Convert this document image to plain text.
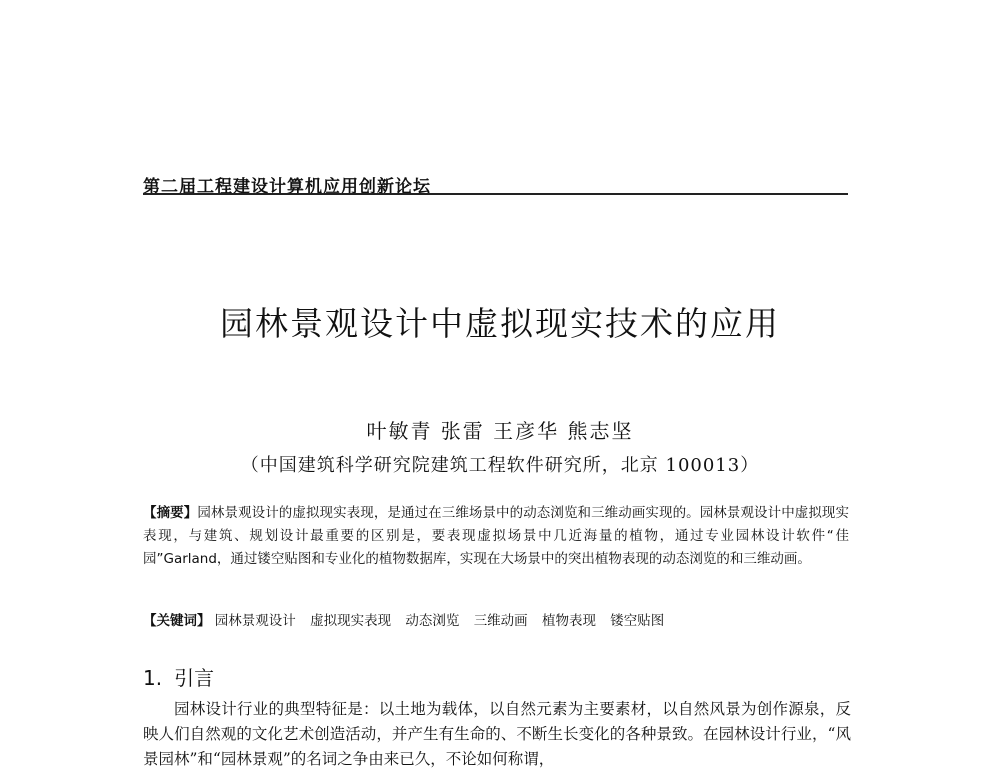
第二届工程建设计算机应用创新论坛
园林景观设计中虚拟现实技术的应用
叶敏青 张雷 王彦华 熊志坚
（中国建筑科学研究院建筑工程软件研究所，北京 100013）
【摘要】园林景观设计的虚拟现实表现，是通过在三维场景中的动态浏览和三维动画实现的。园林景观设计中虚拟现实表现，与建筑、规划设计最重要的区别是，要表现虚拟场景中几近海量的植物，通过专业园林设计软件“佳园”Garland，通过镂空贴图和专业化的植物数据库，实现在大场景中的突出植物表现的动态浏览的和三维动画。
【关键词】 园林景观设计 虚拟现实表现 动态浏览 三维动画 植物表现 镂空贴图
1. 引言

园林设计行业的典型特征是：以土地为载体，以自然元素为主要素材，以自然风景为创作源泉，反映人们自然观的文化艺术创造活动，并产生有生命的、不断生长变化的各种景致。在园林设计行业，“风景园林”和“园林景观”的名词之争由来已久，不论如何称谓，
